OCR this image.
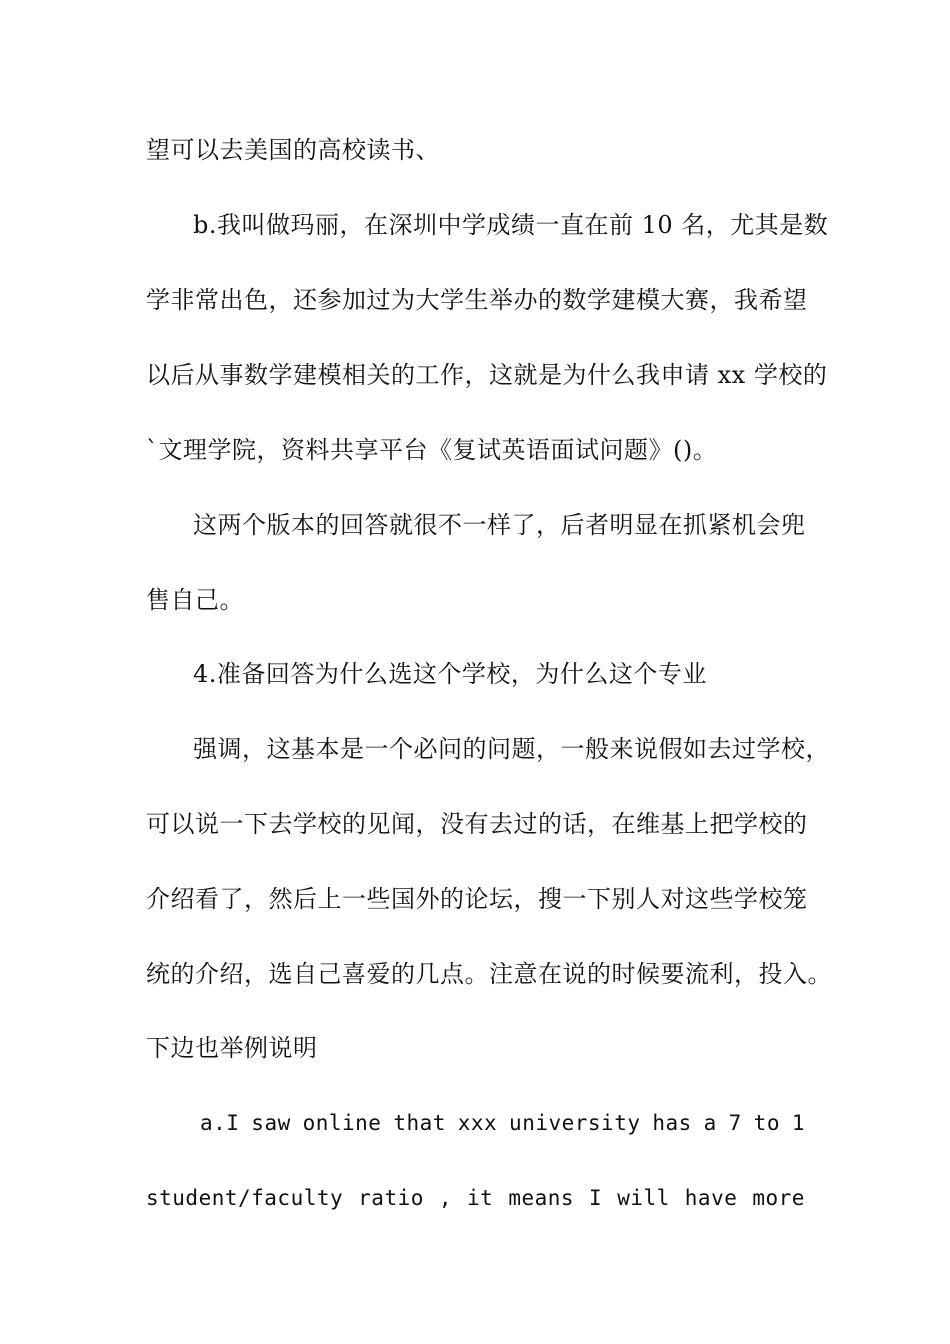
望可以去美国的高校读书、
b.我叫做玛丽，在深圳中学成绩一直在前 10 名，尤其是数
学非常出色，还参加过为大学生举办的数学建模大赛，我希望
以后从事数学建模相关的工作，这就是为什么我申请 xx 学校的
`文理学院，资料共享平台《复试英语面试问题》()。
这两个版本的回答就很不一样了，后者明显在抓紧机会兜
售自己。
4.准备回答为什么选这个学校，为什么这个专业
强调，这基本是一个必问的问题，一般来说假如去过学校，
可以说一下去学校的见闻，没有去过的话，在维基上把学校的
介绍看了，然后上一些国外的论坛，搜一下别人对这些学校笼
统的介绍，选自己喜爱的几点。注意在说的时候要流利，投入。
下边也举例说明
a.I saw online that xxx university has a 7 to 1
student/faculty ratio , it means I will have more
